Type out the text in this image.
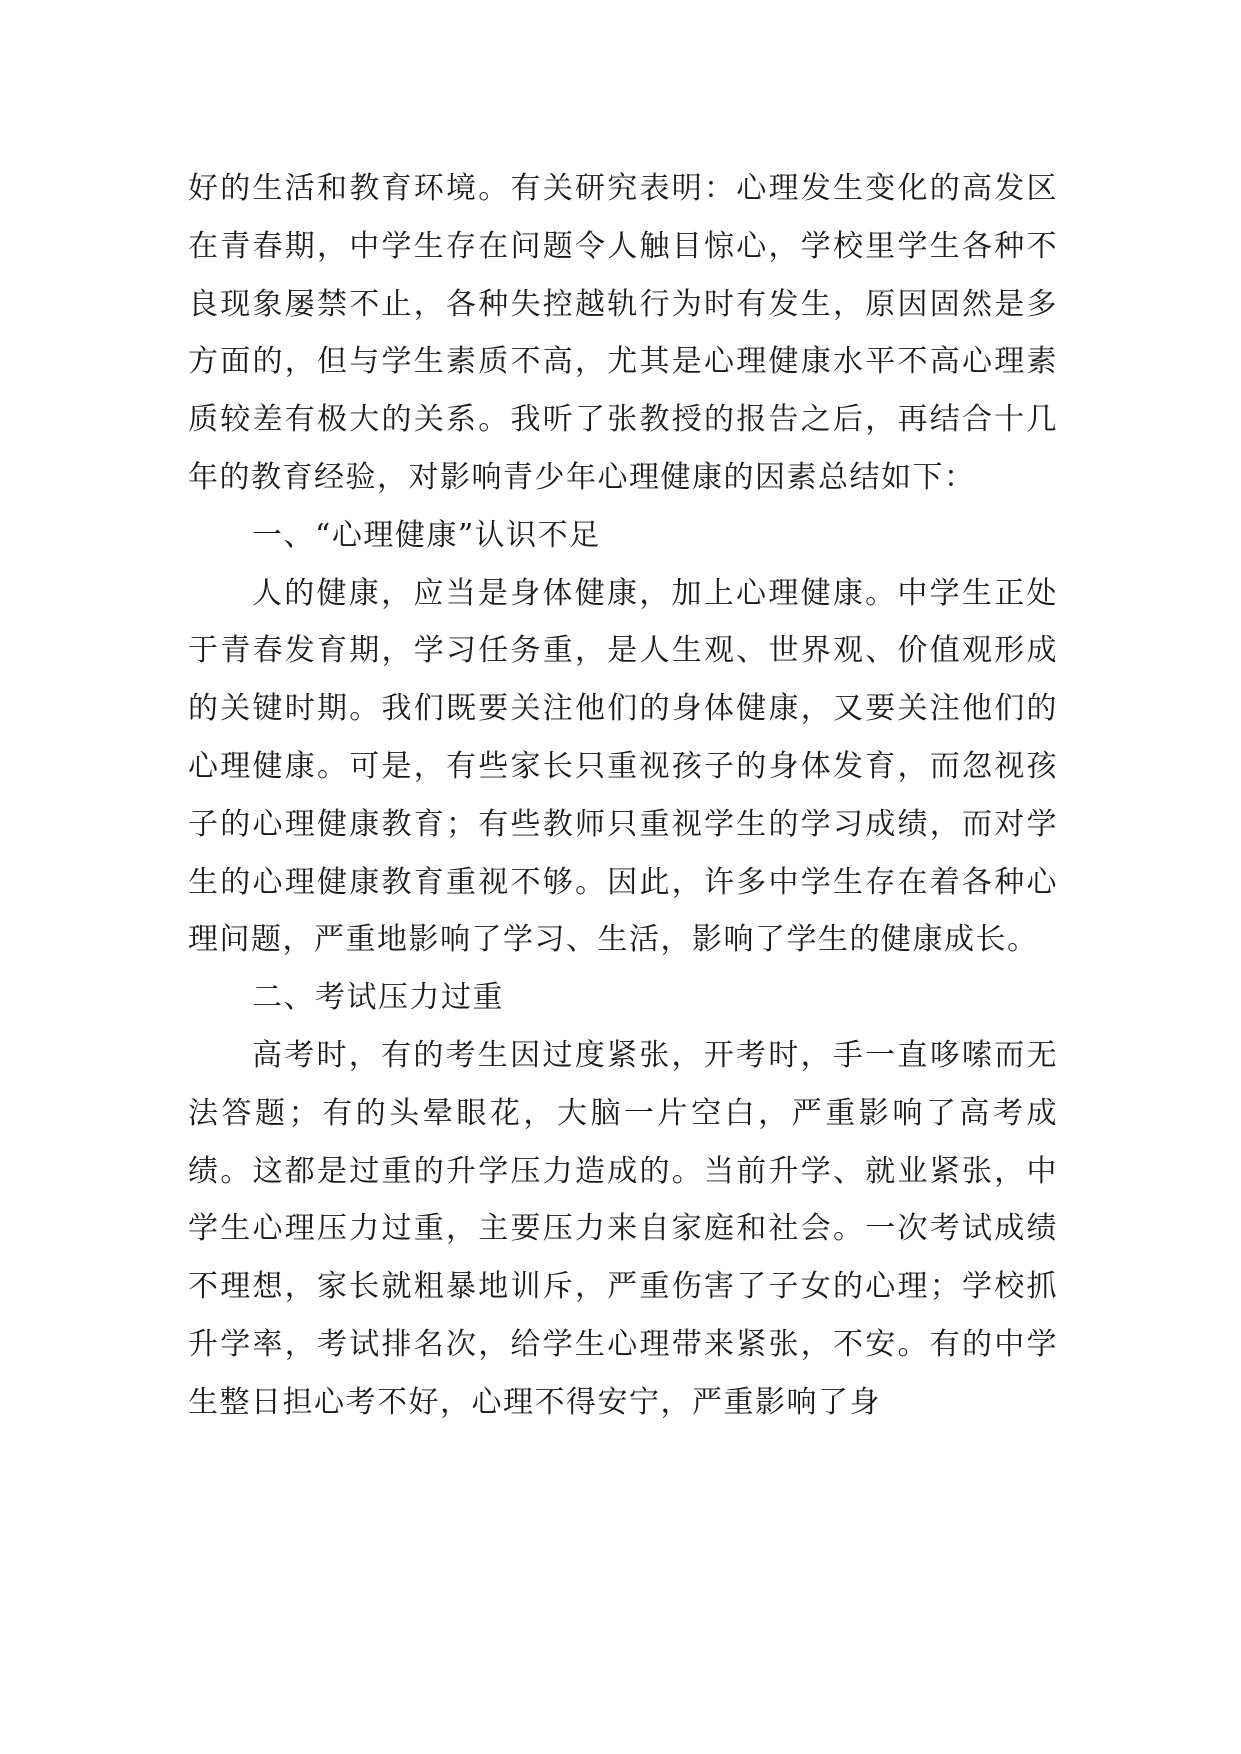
好的生活和教育环境。有关研究表明：心理发生变化的高发区在青春期，中学生存在问题令人触目惊心，学校里学生各种不良现象屡禁不止，各种失控越轨行为时有发生，原因固然是多方面的，但与学生素质不高，尤其是心理健康水平不高心理素质较差有极大的关系。我听了张教授的报告之后，再结合十几年的教育经验，对影响青少年心理健康的因素总结如下：

一、“心理健康”认识不足

人的健康，应当是身体健康，加上心理健康。中学生正处于青春发育期，学习任务重，是人生观、世界观、价值观形成的关键时期。我们既要关注他们的身体健康，又要关注他们的心理健康。可是，有些家长只重视孩子的身体发育，而忽视孩子的心理健康教育；有些教师只重视学生的学习成绩，而对学生的心理健康教育重视不够。因此，许多中学生存在着各种心理问题，严重地影响了学习、生活，影响了学生的健康成长。

二、考试压力过重

高考时，有的考生因过度紧张，开考时，手一直哆嗦而无法答题；有的头晕眼花，大脑一片空白，严重影响了高考成绩。这都是过重的升学压力造成的。当前升学、就业紧张，中学生心理压力过重，主要压力来自家庭和社会。一次考试成绩不理想，家长就粗暴地训斥，严重伤害了子女的心理；学校抓升学率，考试排名次，给学生心理带来紧张，不安。有的中学生整日担心考不好，心理不得安宁，严重影响了身
